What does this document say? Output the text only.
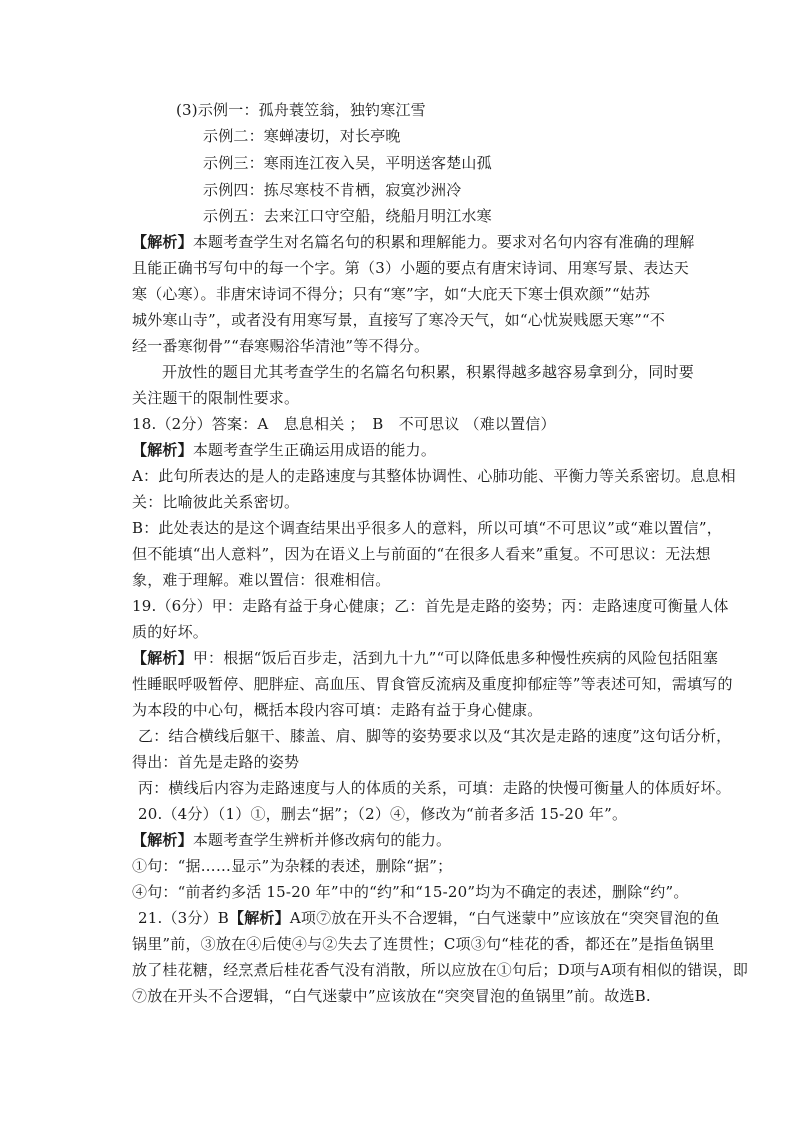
(3)示例一：孤舟蓑笠翁，独钓寒江雪
示例二：寒蝉凄切，对长亭晚
示例三：寒雨连江夜入吴，平明送客楚山孤
示例四：拣尽寒枝不肯栖，寂寞沙洲冷
示例五：去来江口守空船，绕船月明江水寒
【解析】本题考查学生对名篇名句的积累和理解能力。要求对名句内容有准确的理解
且能正确书写句中的每一个字。第（3）小题的要点有唐宋诗词、用寒写景、表达天
寒（心寒）。非唐宋诗词不得分；只有“寒”字，如“大庇天下寒士俱欢颜”“姑苏
城外寒山寺”，或者没有用寒写景，直接写了寒冷天气，如“心忧炭贱愿天寒”“不
经一番寒彻骨”“春寒赐浴华清池”等不得分。
开放性的题目尤其考查学生的名篇名句积累，积累得越多越容易拿到分，同时要
关注题干的限制性要求。
18.（2分）答案：A　息息相关 ；　B　不可思议 （难以置信）
【解析】本题考查学生正确运用成语的能力。
A：此句所表达的是人的走路速度与其整体协调性、心肺功能、平衡力等关系密切。息息相
关：比喻彼此关系密切。
B：此处表达的是这个调查结果出乎很多人的意料，所以可填“不可思议”或“难以置信”，
但不能填“出人意料”，因为在语义上与前面的“在很多人看来”重复。不可思议：无法想
象，难于理解。难以置信：很难相信。
19.（6分）甲：走路有益于身心健康；乙：首先是走路的姿势；丙：走路速度可衡量人体
质的好坏。
【解析】甲：根据“饭后百步走，活到九十九”“可以降低患多种慢性疾病的风险包括阻塞
性睡眠呼吸暂停、肥胖症、高血压、胃食管反流病及重度抑郁症等”等表述可知，需填写的
为本段的中心句，概括本段内容可填：走路有益于身心健康。
乙：结合横线后躯干、膝盖、肩、脚等的姿势要求以及“其次是走路的速度”这句话分析，
得出：首先是走路的姿势
丙：横线后内容为走路速度与人的体质的关系，可填：走路的快慢可衡量人的体质好坏。
20.（4分）（1）①，删去“据”；（2）④，修改为“前者多活 15-20 年”。
【解析】本题考查学生辨析并修改病句的能力。
①句：“据……显示”为杂糅的表述，删除“据”；
④句：“前者约多活 15-20 年”中的“约”和“15-20”均为不确定的表述，删除“约”。
21.（3分）B【解析】A项⑦放在开头不合逻辑，“白气迷蒙中”应该放在“突突冒泡的鱼
锅里”前，③放在④后使④与②失去了连贯性；C项③句“桂花的香，都还在”是指鱼锅里
放了桂花糖，经烹煮后桂花香气没有消散，所以应放在①句后；D项与A项有相似的错误，即
⑦放在开头不合逻辑，“白气迷蒙中”应该放在“突突冒泡的鱼锅里”前。故选B.
